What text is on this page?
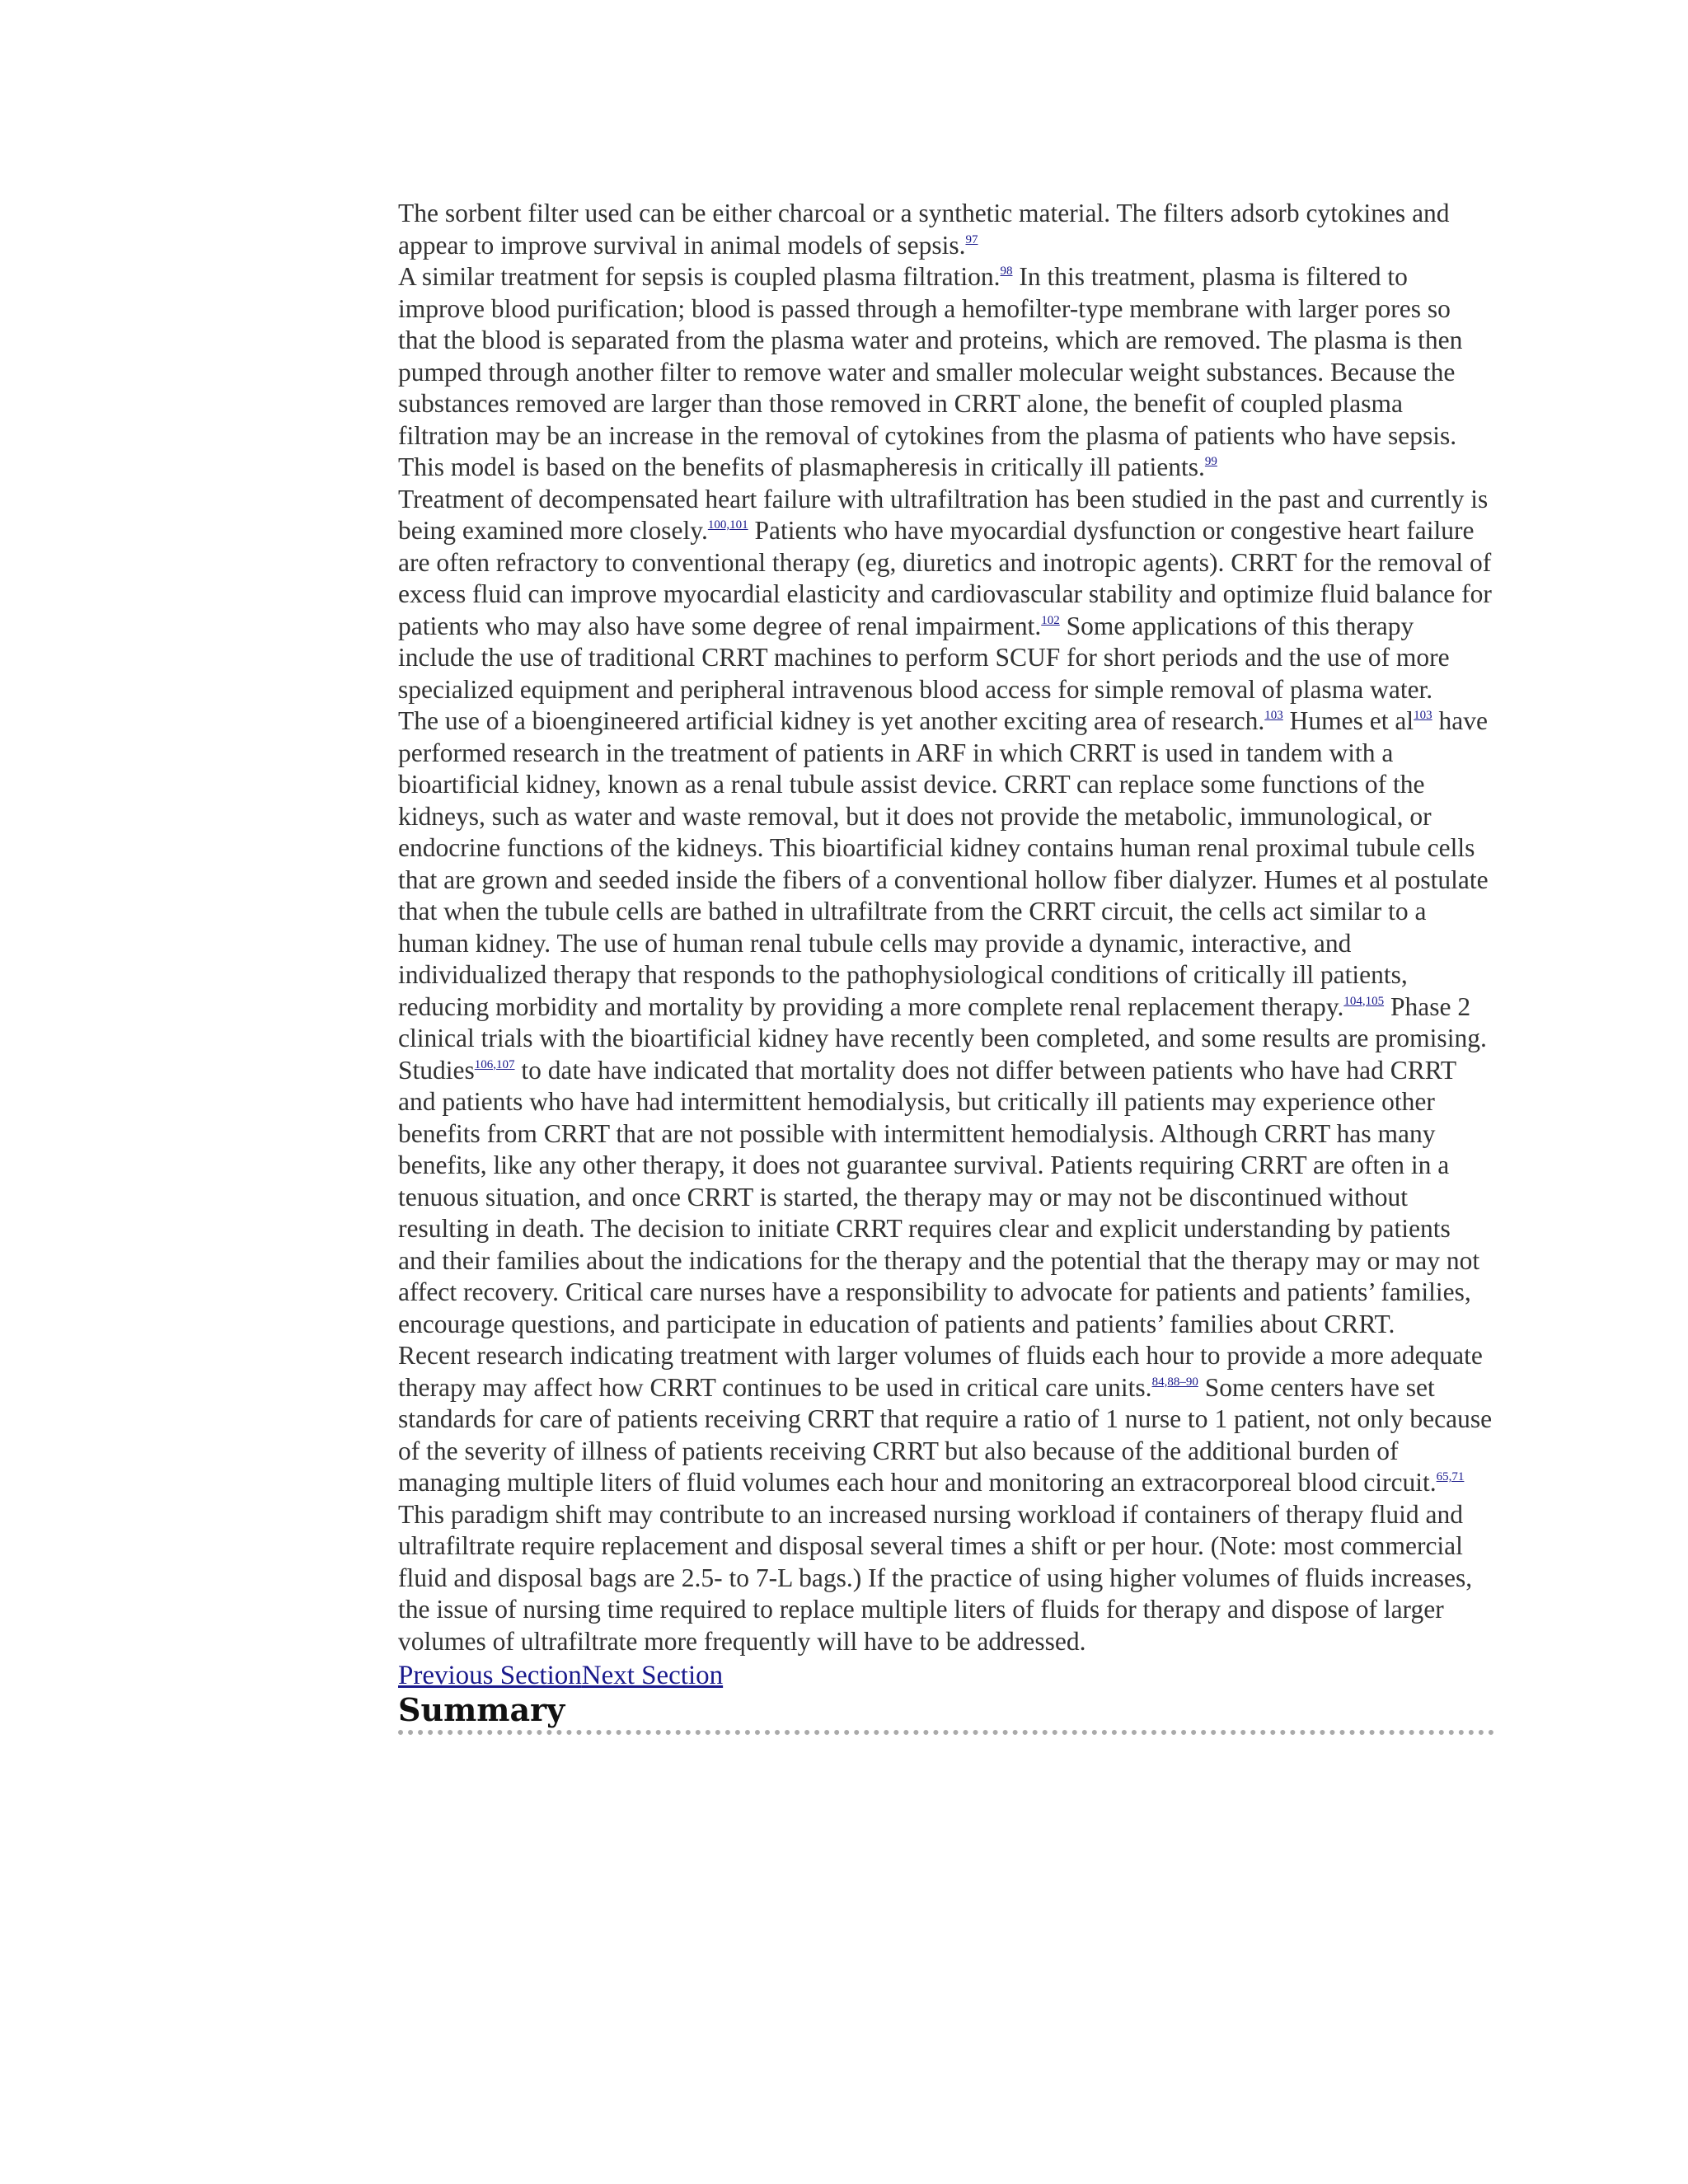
The sorbent filter used can be either charcoal or a synthetic material. The filters adsorb cytokines and appear to improve survival in animal models of sepsis.$^{97}$
A similar treatment for sepsis is coupled plasma filtration.$^{98}$ In this treatment, plasma is filtered to improve blood purification; blood is passed through a hemofilter-type membrane with larger pores so that the blood is separated from the plasma water and proteins, which are removed. The plasma is then pumped through another filter to remove water and smaller molecular weight substances. Because the substances removed are larger than those removed in CRRT alone, the benefit of coupled plasma filtration may be an increase in the removal of cytokines from the plasma of patients who have sepsis. This model is based on the benefits of plasmapheresis in critically ill patients.$^{99}$
Treatment of decompensated heart failure with ultrafiltration has been studied in the past and currently is being examined more closely.$^{100,101}$ Patients who have myocardial dysfunction or congestive heart failure are often refractory to conventional therapy (eg, diuretics and inotropic agents). CRRT for the removal of excess fluid can improve myocardial elasticity and cardiovascular stability and optimize fluid balance for patients who may also have some degree of renal impairment.$^{102}$ Some applications of this therapy include the use of traditional CRRT machines to perform SCUF for short periods and the use of more specialized equipment and peripheral intravenous blood access for simple removal of plasma water.
The use of a bioengineered artificial kidney is yet another exciting area of research.$^{103}$ Humes et al$^{103}$ have performed research in the treatment of patients in ARF in which CRRT is used in tandem with a bioartificial kidney, known as a renal tubule assist device. CRRT can replace some functions of the kidneys, such as water and waste removal, but it does not provide the metabolic, immunological, or endocrine functions of the kidneys. This bioartificial kidney contains human renal proximal tubule cells that are grown and seeded inside the fibers of a conventional hollow fiber dialyzer. Humes et al postulate that when the tubule cells are bathed in ultrafiltrate from the CRRT circuit, the cells act similar to a human kidney. The use of human renal tubule cells may provide a dynamic, interactive, and individualized therapy that responds to the pathophysiological conditions of critically ill patients, reducing morbidity and mortality by providing a more complete renal replacement therapy.$^{104,105}$ Phase 2 clinical trials with the bioartificial kidney have recently been completed, and some results are promising.
Studies$^{106,107}$ to date have indicated that mortality does not differ between patients who have had CRRT and patients who have had intermittent hemodialysis, but critically ill patients may experience other benefits from CRRT that are not possible with intermittent hemodialysis. Although CRRT has many benefits, like any other therapy, it does not guarantee survival. Patients requiring CRRT are often in a tenuous situation, and once CRRT is started, the therapy may or may not be discontinued without resulting in death. The decision to initiate CRRT requires clear and explicit understanding by patients and their families about the indications for the therapy and the potential that the therapy may or may not affect recovery. Critical care nurses have a responsibility to advocate for patients and patients’ families, encourage questions, and participate in education of patients and patients’ families about CRRT.
Recent research indicating treatment with larger volumes of fluids each hour to provide a more adequate therapy may affect how CRRT continues to be used in critical care units.$^{84,88-90}$ Some centers have set standards for care of patients receiving CRRT that require a ratio of 1 nurse to 1 patient, not only because of the severity of illness of patients receiving CRRT but also because of the additional burden of managing multiple liters of fluid volumes each hour and monitoring an extracorporeal blood circuit.$^{65,71}$ This paradigm shift may contribute to an increased nursing workload if containers of therapy fluid and ultrafiltrate require replacement and disposal several times a shift or per hour. (Note: most commercial fluid and disposal bags are 2.5- to 7-L bags.) If the practice of using higher volumes of fluids increases, the issue of nursing time required to replace multiple liters of fluids for therapy and dispose of larger volumes of ultrafiltrate more frequently will have to be addressed.
Previous SectionNext Section
Summary
